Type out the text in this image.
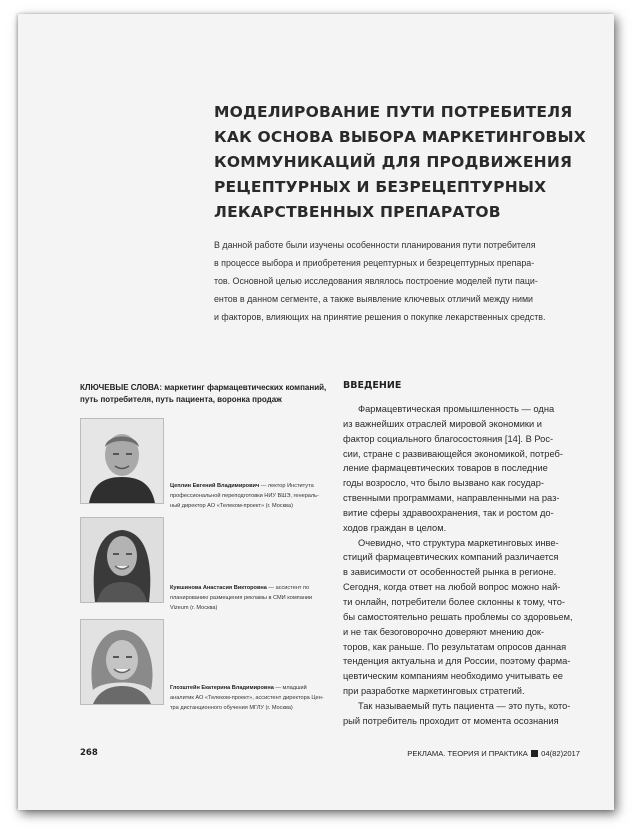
МОДЕЛИРОВАНИЕ ПУТИ ПОТРЕБИТЕЛЯ
КАК ОСНОВА ВЫБОРА МАРКЕТИНГОВЫХ
КОММУНИКАЦИЙ ДЛЯ ПРОДВИЖЕНИЯ
РЕЦЕПТУРНЫХ И БЕЗРЕЦЕПТУРНЫХ
ЛЕКАРСТВЕННЫХ ПРЕПАРАТОВ
В данной работе были изучены особенности планирования пути потребителя
в процессе выбора и приобретения рецептурных и безрецептурных препара-
тов. Основной целью исследования являлось построение моделей пути паци-
ентов в данном сегменте, а также выявление ключевых отличий между ними
и факторов, влияющих на принятие решения о покупке лекарственных средств.
КЛЮЧЕВЫЕ СЛОВА: маркетинг фармацевтических компаний,
путь потребителя, путь пациента, воронка продаж
Цеплин Евгений Владимирович — лектор Института
профессиональной переподготовки НИУ ВШЭ, генераль-
ный директор АО «Телеком-проект» (г. Москва)
Кувшинова Анастасия Викторовна — ассистент по
планированию размещения рекламы в СМИ компании
Vizeum (г. Москва)
Глозштейн Екатерина Владимировна — младший
аналитик АО «Телеком-проект», ассистент директора Цен-
тра дистанционного обучения МГЛУ (г. Москва)
ВВЕДЕНИЕ
Фармацевтическая промышленность — одна
из важнейших отраслей мировой экономики и
фактор социального благосостояния [14]. В Рос-
сии, стране с развивающейся экономикой, потреб-
ление фармацевтических товаров в последние
годы возросло, что было вызвано как государ-
ственными программами, направленными на раз-
витие сферы здравоохранения, так и ростом до-
ходов граждан в целом.
Очевидно, что структура маркетинговых инве-
стиций фармацевтических компаний различается
в зависимости от особенностей рынка в регионе.
Сегодня, когда ответ на любой вопрос можно най-
ти онлайн, потребители более склонны к тому, что-
бы самостоятельно решать проблемы со здоровьем,
и не так безоговорочно доверяют мнению док-
торов, как раньше. По результатам опросов данная
тенденция актуальна и для России, поэтому фарма-
цевтическим компаниям необходимо учитывать ее
при разработке маркетинговых стратегий.
Так называемый путь пациента — это путь, кото-
рый потребитель проходит от момента осознания
268	РЕКЛАМА. ТЕОРИЯ И ПРАКТИКА 04(82)2017
